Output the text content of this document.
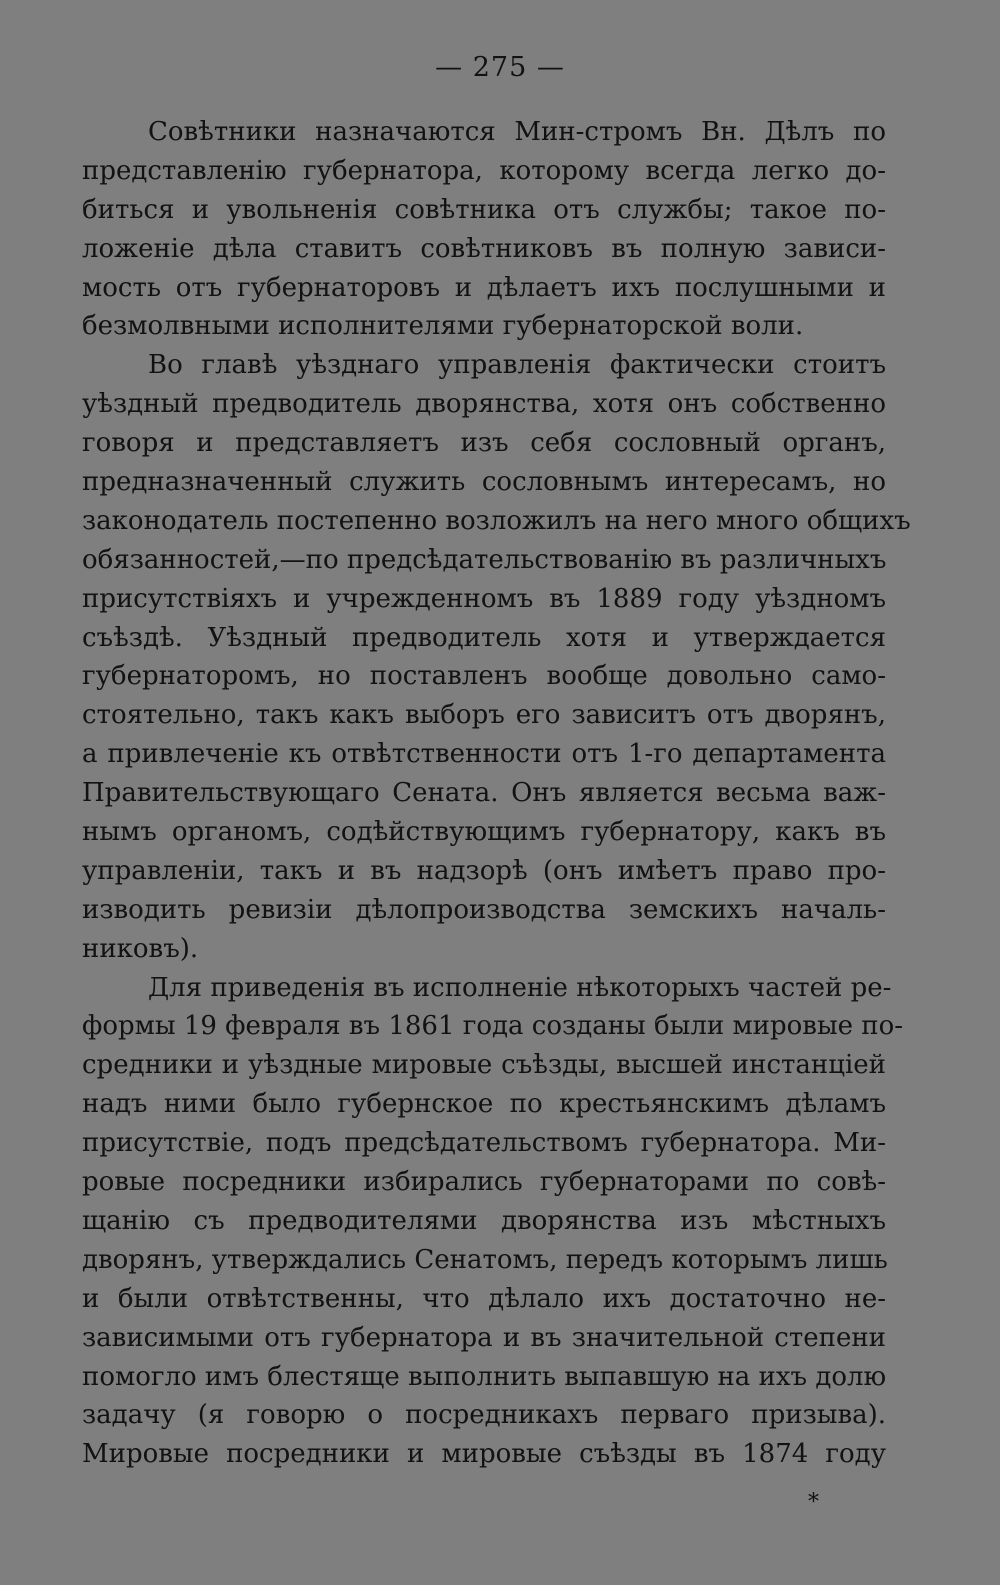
— 275 —
Совѣтники назначаются Мин-стромъ Вн. Дѣлъ по
представленiю губернатора, которому всегда легко до-
биться и увольненiя совѣтника отъ службы; такое по-
ложенiе дѣла ставитъ совѣтниковъ въ полную зависи-
мость отъ губернаторовъ и дѣлаетъ ихъ послушными и
безмолвными исполнителями губернаторской воли.
Во главѣ уѣзднаго управленiя фактически стоитъ
уѣздный предводитель дворянства, хотя онъ собственно
говоря и представляетъ изъ себя сословный органъ,
предназначенный служить сословнымъ интересамъ, но
законодатель постепенно возложилъ на него много общихъ
обязанностей,—по предсѣдательствованiю въ различныхъ
присутствiяхъ и учрежденномъ въ 1889 году уѣздномъ
съѣздѣ. Уѣздный предводитель хотя и утверждается
губернаторомъ, но поставленъ вообще довольно само-
стоятельно, такъ какъ выборъ его зависитъ отъ дворянъ,
а привлеченiе къ отвѣтственности отъ 1-го департамента
Правительствующаго Сената. Онъ является весьма важ-
нымъ органомъ, содѣйствующимъ губернатору, какъ въ
управленiи, такъ и въ надзорѣ (онъ имѣетъ право про-
изводить ревизiи дѣлопроизводства земскихъ началь-
никовъ).
Для приведенiя въ исполненiе нѣкоторыхъ частей ре-
формы 19 февраля въ 1861 года созданы были мировые по-
средники и уѣздные мировые съѣзды, высшей инстанцiей
надъ ними было губернское по крестьянскимъ дѣламъ
присутствiе, подъ предсѣдательствомъ губернатора. Ми-
ровые посредники избирались губернаторами по совѣ-
щанiю съ предводителями дворянства изъ мѣстныхъ
дворянъ, утверждались Сенатомъ, передъ которымъ лишь
и были отвѣтственны, что дѣлало ихъ достаточно не-
зависимыми отъ губернатора и въ значительной степени
помогло имъ блестяще выполнить выпавшую на ихъ долю
задачу (я говорю о посредникахъ перваго призыва).
Мировые посредники и мировые съѣзды въ 1874 году
*
